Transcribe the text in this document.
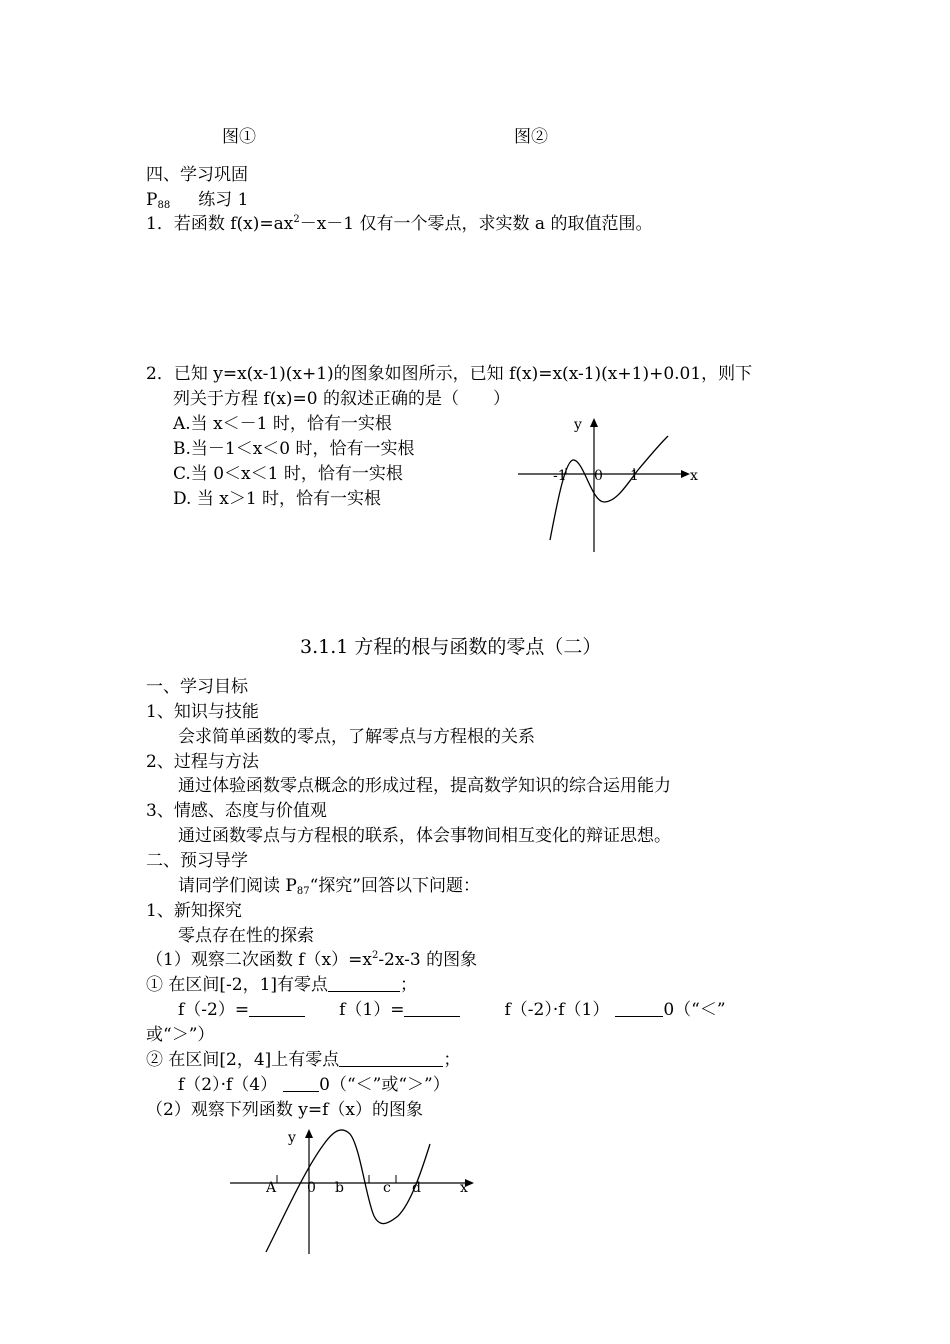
图①	图②
四、学习巩固
$P_{88}$ 练习 1
1．若函数 $f(x)=ax^2-x-1$ 仅有一个零点，求实数 a 的取值范围。
2．已知 y=x(x-1)(x+1)的图象如图所示，已知 f(x)=x(x-1)(x+1)+0.01，则下
列关于方程 f(x)=0 的叙述正确的是（　　）
A.当 x＜－1 时，恰有一实根
B.当－1＜x＜0 时，恰有一实根
C.当 0＜x＜1 时，恰有一实根
D. 当 x＞1 时，恰有一实根
y
x
-1 0 1
3.1.1 方程的根与函数的零点（二）
一、学习目标
1、知识与技能
会求简单函数的零点，了解零点与方程根的关系
2、过程与方法
通过体验函数零点概念的形成过程，提高数学知识的综合运用能力
3、情感、态度与价值观
通过函数零点与方程根的联系，体会事物间相互变化的辩证思想。
二、预习导学
请同学们阅读 $P_{87}“$探究”回答以下问题：
1、新知探究
零点存在性的探索
（1）观察二次函数 $f(x)=x^2-2x-3$ 的图象
① 在区间[-2，1]有零点	；
f（-2）=	f（1）=	f（-2）·f（1）	0（“＜”
或“＞”）
② 在区间[2，4]上有零点	；
f（2）·f（4） 0（“＜”或“＞”）
（2）观察下列函数 y=f（x）的图象
y
x
A 0 b	c d
